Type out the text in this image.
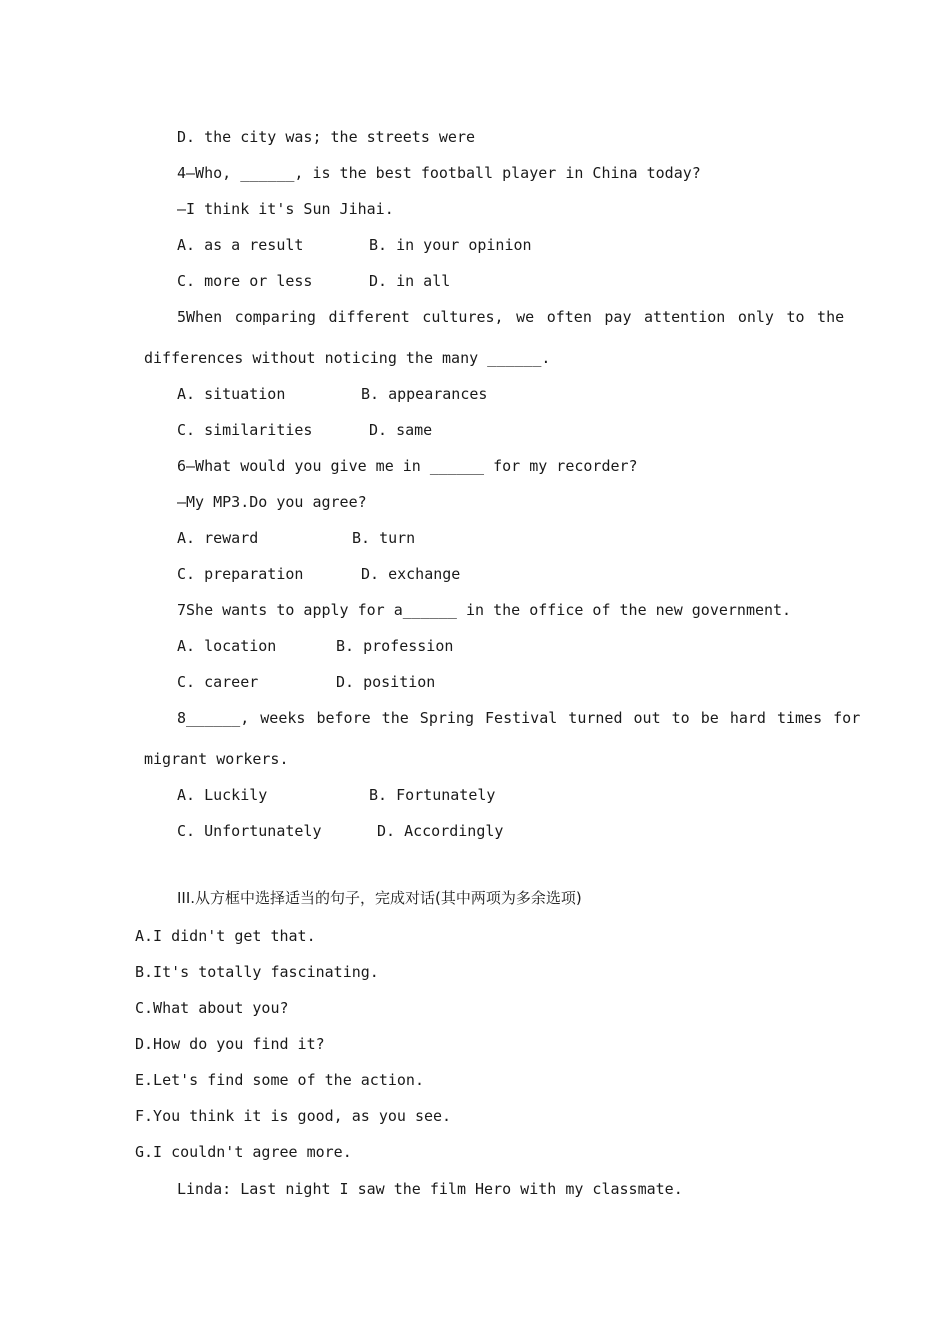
D. the city was; the streets were
4—Who, ______, is the best football player in China today?
—I think it's Sun Jihai.
A. as a result	B. in your opinion
C. more or less	D. in all
5When comparing different cultures, we often pay attention only to the
differences without noticing the many ______.
A. situation	B. appearances
C. similarities	D. same
6—What would you give me in ______ for my recorder?
—My MP3.Do you agree?
A. reward	B. turn
C. preparation	D. exchange
7She wants to apply for a______ in the office of the new government.
A. location	B. profession
C. career	D. position
8______, weeks before the Spring Festival turned out to be hard times for
migrant workers.
A. Luckily	B. Fortunately
C. Unfortunately	D. Accordingly
III.从方框中选择适当的句子，完成对话(其中两项为多余选项)
A.I didn't get that.
B.It's totally fascinating.
C.What about you?
D.How do you find it?
E.Let's find some of the action.
F.You think it is good, as you see.
G.I couldn't agree more.
Linda: Last night I saw the film Hero with my classmate.
